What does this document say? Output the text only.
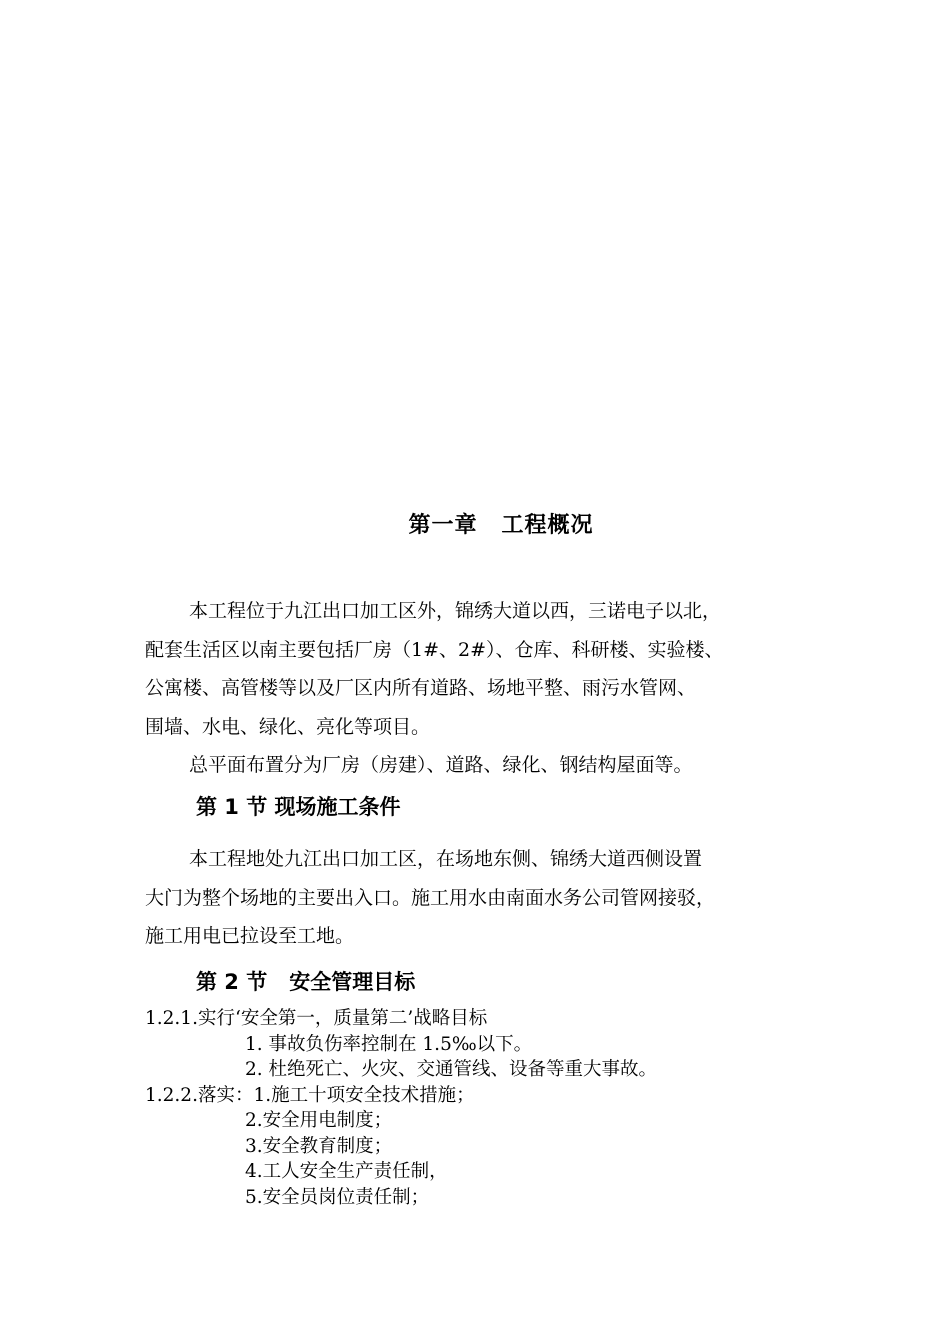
第一章 工程概况
本工程位于九江出口加工区外，锦绣大道以西，三诺电子以北，
配套生活区以南主要包括厂房（1#、2#）、仓库、科研楼、实验楼、
公寓楼、高管楼等以及厂区内所有道路、场地平整、雨污水管网、
围墙、水电、绿化、亮化等项目。
总平面布置分为厂房（房建）、道路、绿化、钢结构屋面等。
第 1 节 现场施工条件
本工程地处九江出口加工区，在场地东侧、锦绣大道西侧设置
大门为整个场地的主要出入口。施工用水由南面水务公司管网接驳，
施工用电已拉设至工地。
第 2 节 安全管理目标
1.2.1.实行‘安全第一，质量第二’战略目标
1. 事故负伤率控制在 1.5‰以下。
2. 杜绝死亡、火灾、交通管线、设备等重大事故。
1.2.2.落实：1.施工十项安全技术措施；
2.安全用电制度；
3.安全教育制度；
4.工人安全生产责任制，
5.安全员岗位责任制；
